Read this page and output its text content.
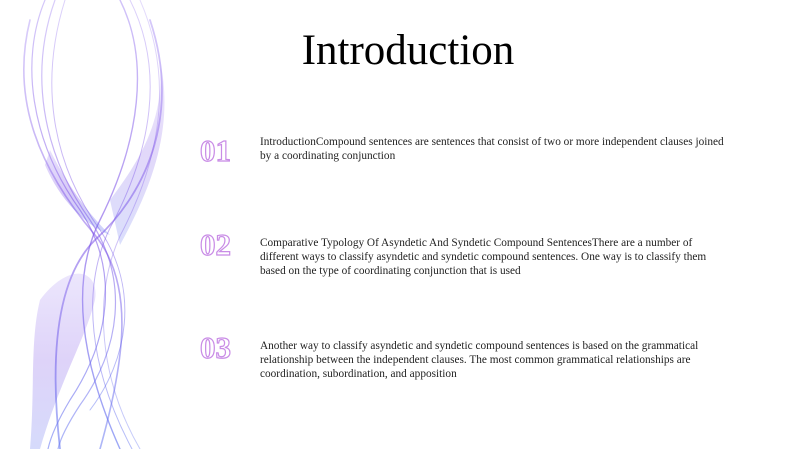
Introduction
01	IntroductionCompound sentences are sentences that consist of two or more independent clauses joined by a coordinating conjunction

02	Comparative Typology Of Asyndetic And Syndetic Compound SentencesThere are a number of different ways to classify asyndetic and syndetic compound sentences. One way is to classify them based on the type of coordinating conjunction that is used

03	Another way to classify asyndetic and syndetic compound sentences is based on the grammatical relationship between the independent clauses. The most common grammatical relationships are coordination, subordination, and apposition
